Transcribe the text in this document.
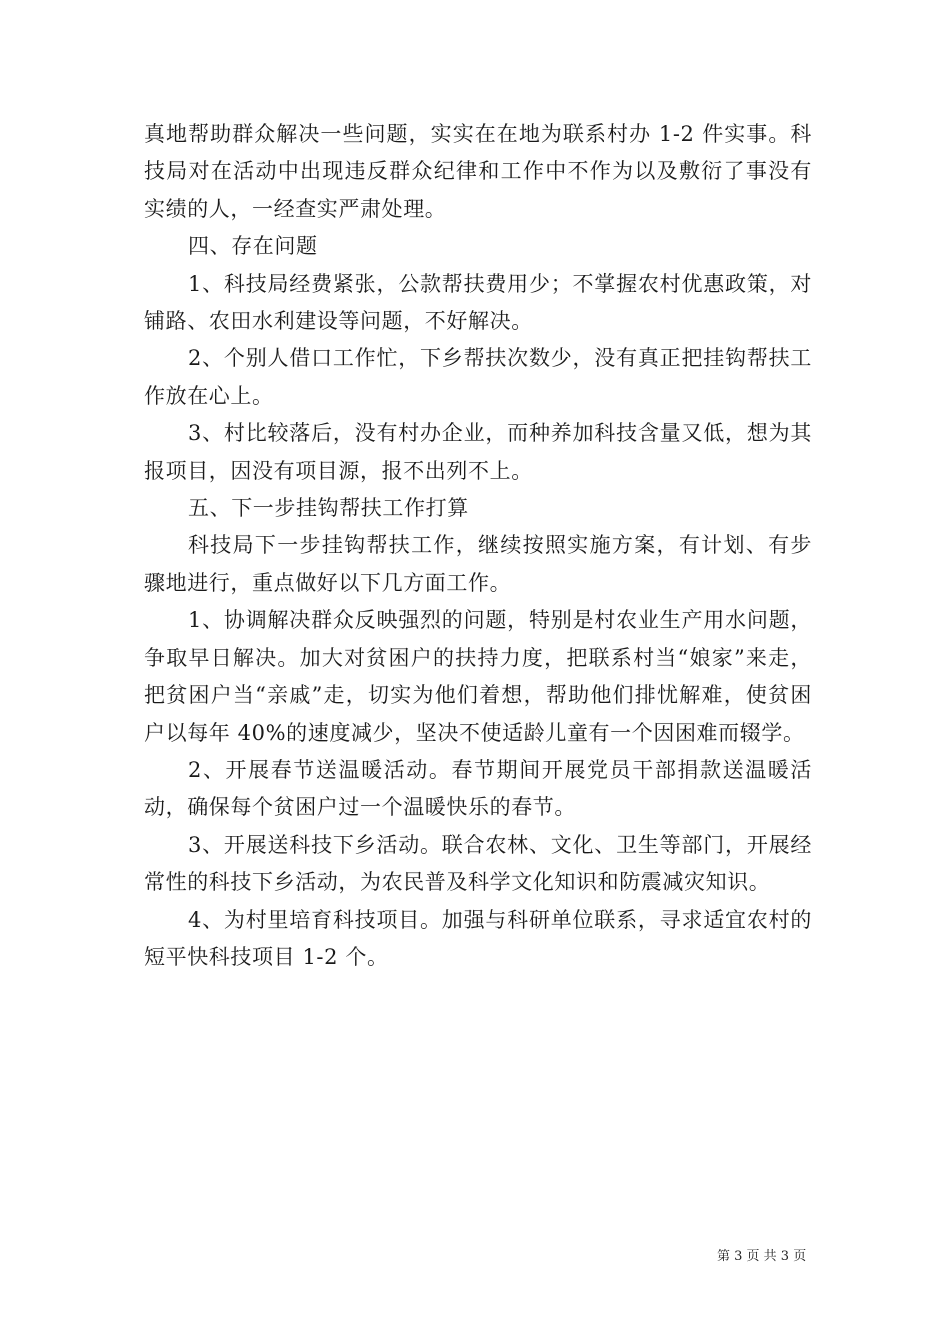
真地帮助群众解决一些问题，实实在在地为联系村办 1-2 件实事。科技局对在活动中出现违反群众纪律和工作中不作为以及敷衍了事没有实绩的人，一经查实严肃处理。

四、存在问题

1、科技局经费紧张，公款帮扶费用少；不掌握农村优惠政策，对铺路、农田水利建设等问题，不好解决。

2、个别人借口工作忙，下乡帮扶次数少，没有真正把挂钩帮扶工作放在心上。

3、村比较落后，没有村办企业，而种养加科技含量又低，想为其报项目，因没有项目源，报不出列不上。

五、下一步挂钩帮扶工作打算

科技局下一步挂钩帮扶工作，继续按照实施方案，有计划、有步骤地进行，重点做好以下几方面工作。

1、协调解决群众反映强烈的问题，特别是村农业生产用水问题，争取早日解决。加大对贫困户的扶持力度，把联系村当“娘家”来走，把贫困户当“亲戚”走，切实为他们着想，帮助他们排忧解难，使贫困户以每年 40%的速度减少，坚决不使适龄儿童有一个因困难而辍学。

2、开展春节送温暖活动。春节期间开展党员干部捐款送温暖活动，确保每个贫困户过一个温暖快乐的春节。

3、开展送科技下乡活动。联合农林、文化、卫生等部门，开展经常性的科技下乡活动，为农民普及科学文化知识和防震减灾知识。

4、为村里培育科技项目。加强与科研单位联系，寻求适宜农村的短平快科技项目 1-2 个。

第 3 页 共 3 页
